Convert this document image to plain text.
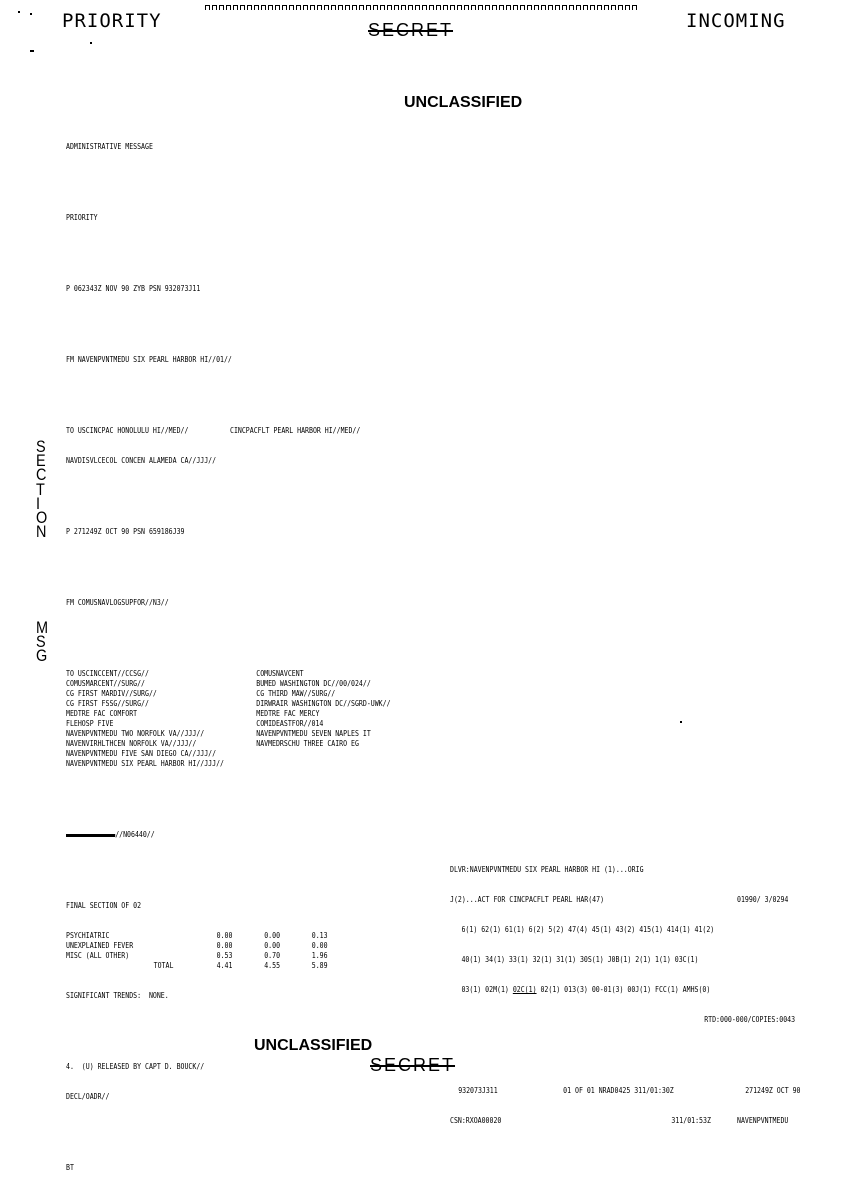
PRIORITY	SECRET	INCOMING
UNCLASSIFIED

ADMINISTRATIVE MESSAGE

PRIORITY

P 062343Z NOV 90 ZYB PSN 932073J11

FM NAVENPVNTMEDU SIX PEARL HARBOR HI//01//

TO USCINCPAC HONOLULU HI//MED//	CINCPACFLT PEARL HARBOR HI//MED//

NAVDISVLCECOL CONCEN ALAMEDA CA//JJJ//

P 271249Z OCT 90 PSN 659186J39

FM COMUSNAVLOGSUPFOR//N3//

TO USCINCCENT//CCSG//	COMUSNAVCENT
COMUSMARCENT//SURG//	BUMED WASHINGTON DC//00/024//
CG FIRST MARDIV//SURG//	CG THIRD MAW//SURG//
CG FIRST FSSG//SURG//	DIRWRAIR WASHINGTON DC//SGRD-UWK//
MEDTRE FAC COMFORT	MEDTRE FAC MERCY
FLEHOSP FIVE	COMIDEASTFOR//014
NAVENPVNTMEDU TWO NORFOLK VA//JJJ//	NAVENPVNTMEDU SEVEN NAPLES IT
NAVENVIRHLTHCEN NORFOLK VA//JJJ//	NAVMEDRSCHU THREE CAIRO EG
NAVENPVNTMEDU FIVE SAN DIEGO CA//JJJ//
NAVENPVNTMEDU SIX PEARL HARBOR HI//JJJ//

//N06440//

FINAL SECTION OF 02

PSYCHIATRIC	0.00	0.00	0.13
UNEXPLAINED FEVER	0.00	0.00	0.00
MISC (ALL OTHER)	0.53	0.70	1.96
TOTAL	4.41	4.55	5.89

SIGNIFICANT TRENDS:  NONE.

4.  (U) RELEASED BY CAPT D. BOUCK//

DECL/OADR//

BT

S
E
C
T
I
O
N
M
S
G

DLVR:NAVENPVNTMEDU SIX PEARL HARBOR HI (1)...ORIG

J(2)...ACT FOR CINCPACFLT PEARL HAR(47)	01990/ 3/0294

6(1) 62(1) 61(1) 6(2) 5(2) 47(4) 45(1) 43(2) 415(1) 414(1) 41(2)

40(1) 34(1) 33(1) 32(1) 31(1) 30S(1) J0B(1) 2(1) 1(1) 03C(1)

03(1) 02M(1) 02C(1) 02(1) 013(3) 00-01(3) 00J(1) FCC(1) AMHS(0)

RTD:000-000/COPIES:0043

932073J311	01 OF 01 NRAD0425 311/01:30Z	271249Z OCT 90

CSN:RXOA00020	311/01:53Z	NAVENPVNTMEDU

UNCLASSIFIED
SECRET
